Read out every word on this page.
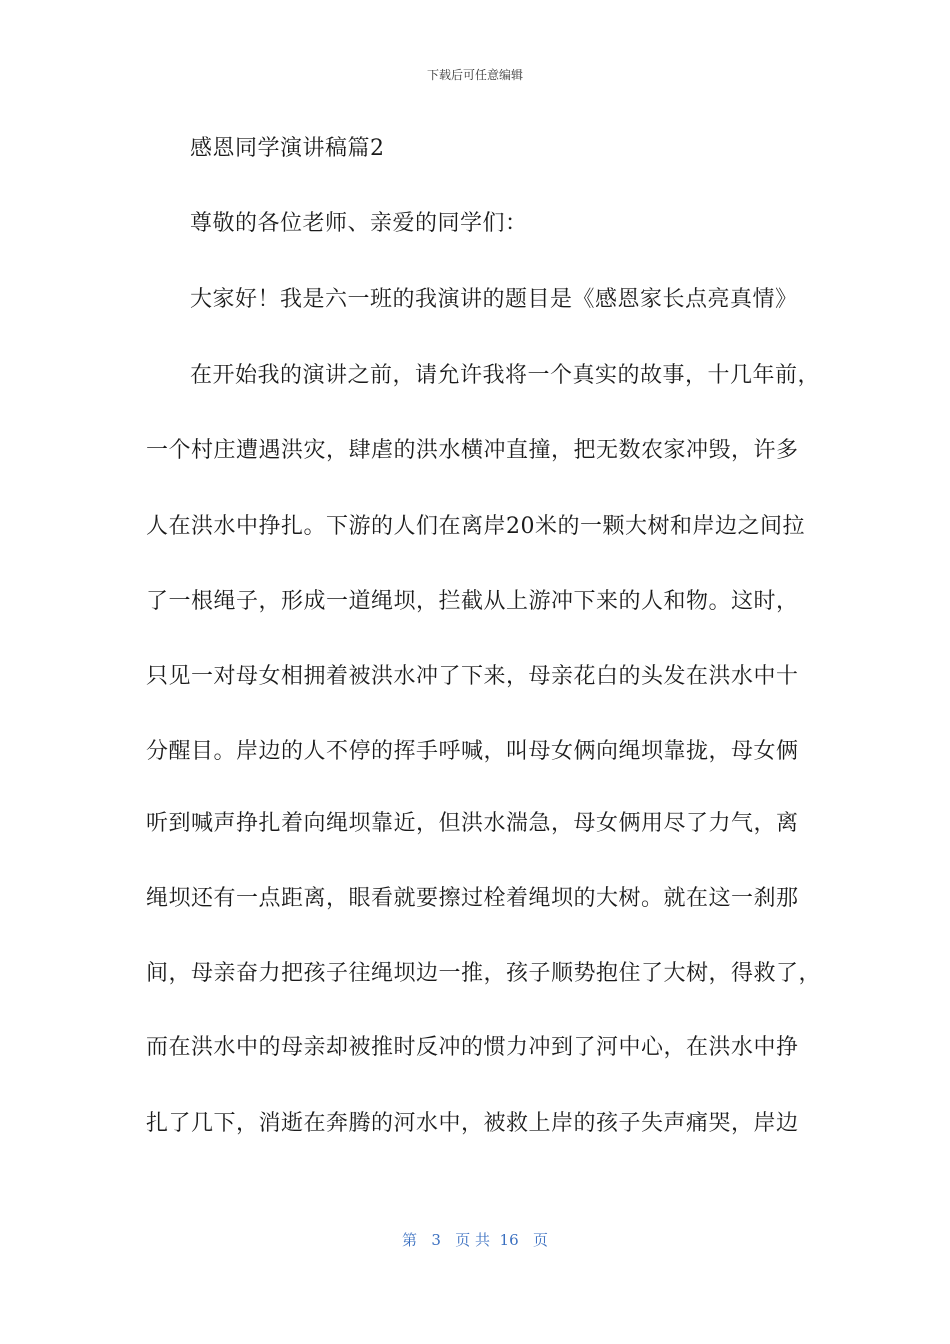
下载后可任意编辑
感恩同学演讲稿篇2
尊敬的各位老师、亲爱的同学们：
大家好！我是六一班的我演讲的题目是《感恩家长点亮真情》
在开始我的演讲之前，请允许我将一个真实的故事，十几年前，
一个村庄遭遇洪灾，肆虐的洪水横冲直撞，把无数农家冲毁，许多
人在洪水中挣扎。下游的人们在离岸20米的一颗大树和岸边之间拉
了一根绳子，形成一道绳坝，拦截从上游冲下来的人和物。这时，
只见一对母女相拥着被洪水冲了下来，母亲花白的头发在洪水中十
分醒目。岸边的人不停的挥手呼喊，叫母女俩向绳坝靠拢，母女俩
听到喊声挣扎着向绳坝靠近，但洪水湍急，母女俩用尽了力气，离
绳坝还有一点距离，眼看就要擦过栓着绳坝的大树。就在这一刹那
间，母亲奋力把孩子往绳坝边一推，孩子顺势抱住了大树，得救了，
而在洪水中的母亲却被推时反冲的惯力冲到了河中心，在洪水中挣
扎了几下，消逝在奔腾的河水中，被救上岸的孩子失声痛哭，岸边
第 3 页 共 16 页
